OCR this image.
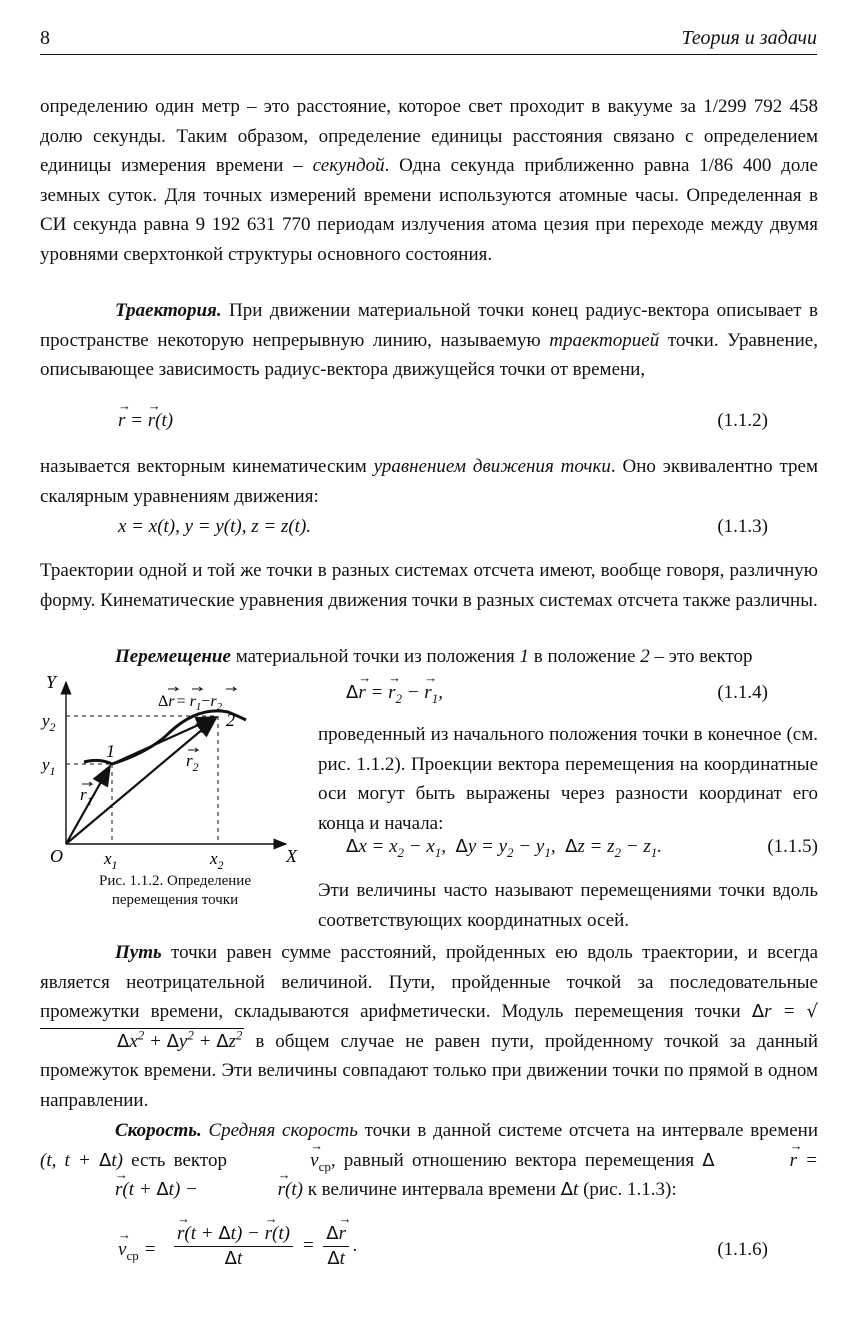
8	Теория и задачи

определению один метр – это расстояние, которое свет проходит в вакууме за 1/299 792 458 долю секунды. Таким образом, определение единицы расстояния связано с определением единицы измерения времени – секундой. Одна секунда приближенно равна 1/86 400 доле земных суток. Для точных измерений времени используются атомные часы. Определенная в СИ секунда равна 9 192 631 770 периодам излучения атома цезия при переходе между двумя уровнями сверхтонкой структуры основного состояния.

Траектория. При движении материальной точки конец радиус-вектора описывает в пространстве некоторую непрерывную линию, называемую траекторией точки. Уравнение, описывающее зависимость радиус-вектора движущейся точки от времени,

→ r = → r(t)	(1.1.2)

называется векторным кинематическим уравнением движения точки. Оно эквивалентно трем скалярным уравнениям движения:

x = x(t), y = y(t), z = z(t).	(1.1.3)

Траектории одной и той же точки в разных системах отсчета имеют, вообще говоря, различную форму. Кинематические уравнения движения точки в разных системах отсчета также различны.

Перемещение материальной точки из положения 1 в положение 2 – это вектор

Y
X
O
$y_2$
$y_1$
$x_1$	$x_2$
1
2
$r_1$
$r_2$
$\Delta r = r_1-r_2$
Рис. 1.1.2. Определение
перемещения точки
Δ→ r = → $r_2$ − → $r_1$,	(1.1.4)

проведенный из начального положения точки в конечное (см. рис. 1.1.2). Проекции вектора перемещения на координатные оси могут быть выражены через разности координат его конца и начала:

$\Delta x = x_2 - x_1$,  $\Delta y = y_2 - y_1$,  $\Delta z = z_2 - z_1$.	(1.1.5)

Эти величины часто называют перемещениями точки вдоль соответствующих координатных осей.

Путь точки равен сумме расстояний, пройденных ею вдоль траектории, и всегда является неотрицательной величиной. Пути, пройденные точкой за последовательные промежутки времени, складываются арифметически. Модуль перемещения точки $\Delta r = √\Delta x^2 + \Delta y^2 + \Delta z^2$ в общем случае не равен пути, пройденному точкой за данный промежуток времени. Эти величины совпадают только при движении точки по прямой в одном направлении.

Скорость. Средняя скорость точки в данной системе отсчета на интервале времени (t, t + Δt) есть вектор	→ $v_{ср}$, равный отношению вектора перемещения Δ	→ r = → r(t + Δt) −	→ r(t) к величине интервала времени Δt (рис. 1.1.3):

→ $v_{ср}$ = → $\frac{r(t + \Delta t) - \to r(t)}{\Delta t} = \frac{\Delta\to r}{\Delta t}$ .	(1.1.6)
